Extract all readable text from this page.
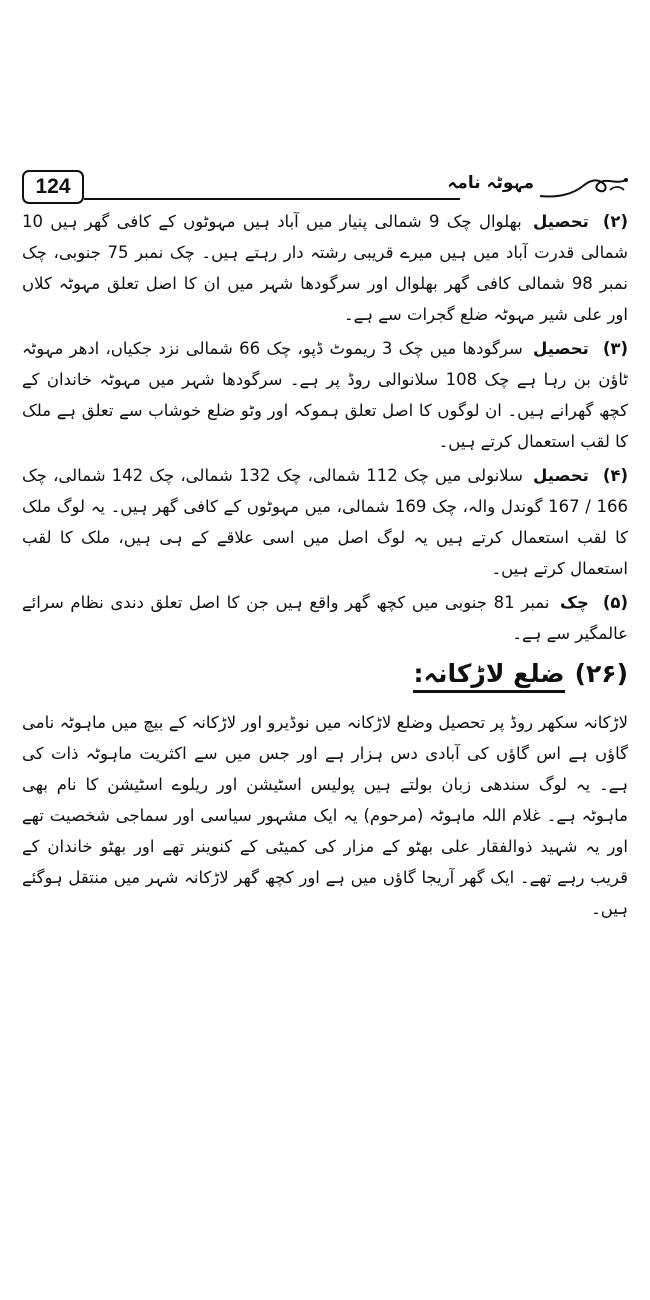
124	مہوٹہ نامہ

(۲)تحصیل بھلوال چک 9 شمالی پنیار میں آباد ہیں مہوٹوں کے کافی گھر ہیں 10 شمالی قدرت آباد میں ہیں میرے قریبی رشتہ دار رہتے ہیں۔ چک نمبر 75 جنوبی، چک نمبر 98 شمالی کافی گھر بھلوال اور سرگودھا شہر میں ان کا اصل تعلق مہوٹہ کلاں اور علی شیر مہوٹہ ضلع گجرات سے ہے۔

(۳)تحصیل سرگودھا میں چک 3 ریموٹ ڈپو، چک 66 شمالی نزد جکیاں، ادھر مہوٹہ ٹاؤن بن رہا ہے چک 108 سلانوالی روڈ پر ہے۔ سرگودھا شہر میں مہوٹہ خاندان کے کچھ گھرانے ہیں۔ ان لوگوں کا اصل تعلق ہموکہ اور وٹو ضلع خوشاب سے تعلق ہے ملک کا لقب استعمال کرتے ہیں۔

(۴)تحصیل سلانولی میں چک 112 شمالی، چک 132 شمالی، چک 142 شمالی، چک 166 / 167 گوندل والہ، چک 169 شمالی، میں مہوٹوں کے کافی گھر ہیں۔ یہ لوگ ملک کا لقب استعمال کرتے ہیں یہ لوگ اصل میں اسی علاقے کے ہی ہیں، ملک کا لقب استعمال کرتے ہیں۔

(۵)چک نمبر 81 جنوبی میں کچھ گھر واقع ہیں جن کا اصل تعلق دندی نظام سرائے عالمگیر سے ہے۔

(۲۶)ضلع لاڑکانہ:

لاڑکانہ سکھر روڈ پر تحصیل وضلع لاڑکانہ میں نوڈیرو اور لاڑکانہ کے بیچ میں ماہوٹہ نامی گاؤں ہے اس گاؤں کی آبادی دس ہزار ہے اور جس میں سے اکثریت ماہوٹہ ذات کی ہے۔ یہ لوگ سندھی زبان بولتے ہیں پولیس اسٹیشن اور ریلوے اسٹیشن کا نام بھی ماہوٹہ ہے۔ غلام اللہ ماہوٹہ (مرحوم) یہ ایک مشہور سیاسی اور سماجی شخصیت تھے اور یہ شہید ذوالفقار علی بھٹو کے مزار کی کمیٹی کے کنوینر تھے اور بھٹو خاندان کے قریب رہے تھے۔ ایک گھر آریجا گاؤں میں ہے اور کچھ گھر لاڑکانہ شہر میں منتقل ہوگئے ہیں۔
